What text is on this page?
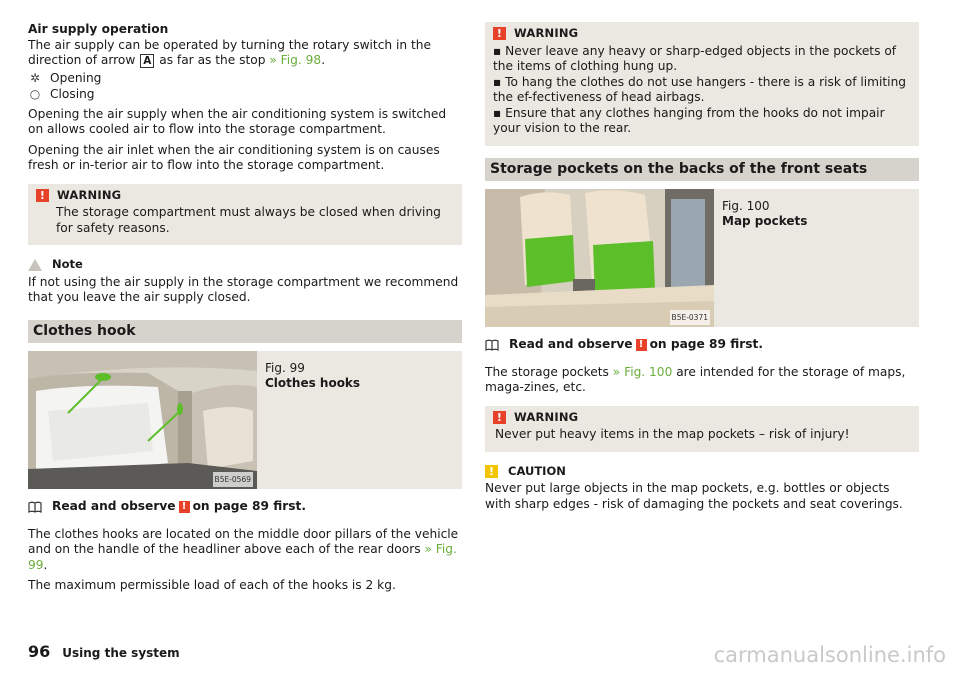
Air supply operation

The air supply can be operated by turning the rotary switch in the direction of arrow A as far as the stop » Fig. 98.

✲ Opening
○ Closing

Opening the air supply when the air conditioning system is switched on allows cooled air to flow into the storage compartment.

Opening the air inlet when the air conditioning system is on causes fresh or in-terior air to flow into the storage compartment.

!	WARNING
The storage compartment must always be closed when driving for safety reasons.
Note

If not using the air supply in the storage compartment we recommend that you leave the air supply closed.

Clothes hook
B5E-0569
Fig. 99
Clothes hooks
Read and observe ! on page 89 first.

The clothes hooks are located on the middle door pillars of the vehicle and on the handle of the headliner above each of the rear doors » Fig. 99.

The maximum permissible load of each of the hooks is 2 kg.

!	WARNING
▪ Never leave any heavy or sharp-edged objects in the pockets of the items of clothing hung up.
▪ To hang the clothes do not use hangers - there is a risk of limiting the ef-fectiveness of head airbags.
▪ Ensure that any clothes hanging from the hooks do not impair your vision to the rear.
Storage pockets on the backs of the front seats
B5E-0371
Fig. 100
Map pockets
Read and observe ! on page 89 first.

The storage pockets » Fig. 100 are intended for the storage of maps, maga-zines, etc.

!	WARNING
Never put heavy items in the map pockets – risk of injury!
!	CAUTION

Never put large objects in the map pockets, e.g. bottles or objects with sharp edges - risk of damaging the pockets and seat coverings.

96 Using the system	carmanualsonline.info
